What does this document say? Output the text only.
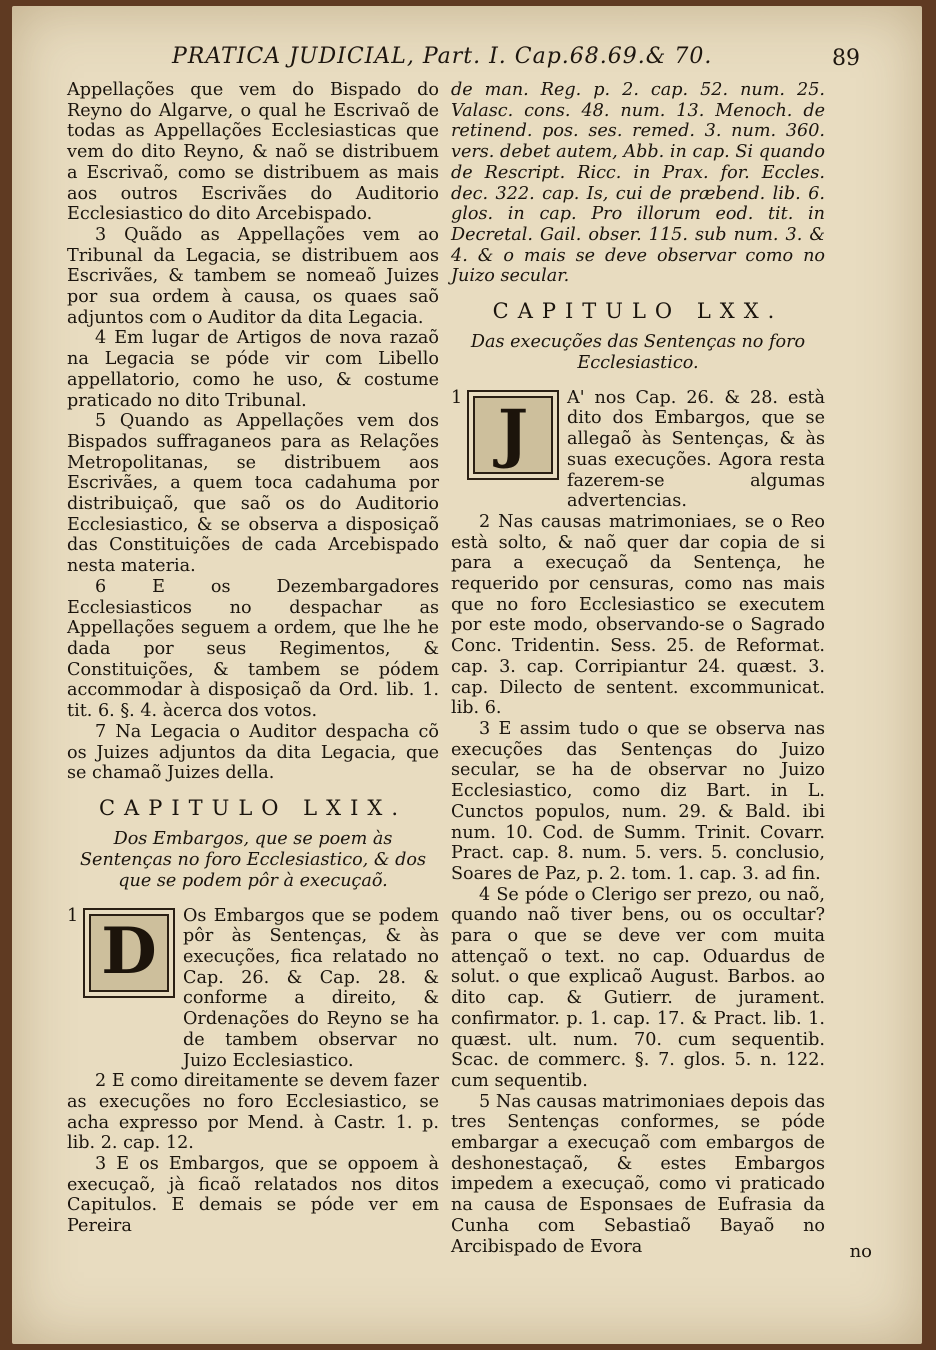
PRATICA JUDICIAL, Part. I. Cap.68.69.& 70.	89

Appellações que vem do Bispado do Reyno do Algarve, o qual he Escrivaõ de todas as Appellações Ecclesiasticas que vem do dito Reyno, & naõ se distribuem a Escrivaõ, como se distribuem as mais aos outros Escrivães do Auditorio Ecclesiastico do dito Arcebispado.

3 Quãdo as Appellações vem ao Tribunal da Legacia, se distribuem aos Escrivães, & tambem se nomeaõ Juizes por sua ordem à causa, os quaes saõ adjuntos com o Auditor da dita Legacia.

4 Em lugar de Artigos de nova razaõ na Legacia se póde vir com Libello appellatorio, como he uso, & costume praticado no dito Tribunal.

5 Quando as Appellações vem dos Bispados suffraganeos para as Relações Metropolitanas, se distribuem aos Escrivães, a quem toca cadahuma por distribuiçaõ, que saõ os do Auditorio Ecclesiastico, & se observa a disposiçaõ das Constituições de cada Arcebispado nesta materia.

6 E os Dezembargadores Ecclesiasticos no despachar as Appellações seguem a ordem, que lhe he dada por seus Regimentos, & Constituições, & tambem se pódem accommodar à disposiçaõ da Ord. lib. 1. tit. 6. §. 4. àcerca dos votos.

7 Na Legacia o Auditor despacha cõ os Juizes adjuntos da dita Legacia, que se chamaõ Juizes della.

CAPITULO LXIX.
Dos Embargos, que se poem às Sentenças no foro Ecclesiastico, & dos que se podem pôr à execuçaõ.
1 D	Os Embargos que se podem pôr às Sentenças, & às execuções, fica relatado no Cap. 26. & Cap. 28. & conforme a direito, & Ordenações do Reyno se ha de tambem observar no Juizo Ecclesiastico.

2 E como direitamente se devem fazer as execuções no foro Ecclesiastico, se acha expresso por Mend. à Castr. 1. p. lib. 2. cap. 12.

3 E os Embargos, que se oppoem à execuçaõ, jà ficaõ relatados nos ditos Capitulos. E demais se póde ver em Pereira

de man. Reg. p. 2. cap. 52. num. 25. Valasc. cons. 48. num. 13. Menoch. de retinend. pos. ses. remed. 3. num. 360. vers. debet autem, Abb. in cap. Si quando de Rescript. Ricc. in Prax. for. Eccles. dec. 322. cap. Is, cui de præbend. lib. 6. glos. in cap. Pro illorum eod. tit. in Decretal. Gail. obser. 115. sub num. 3. & 4. & o mais se deve observar como no Juizo secular.

CAPITULO LXX.
Das execuções das Sentenças no foro Ecclesiastico.
1 J	A' nos Cap. 26. & 28. està dito dos Embargos, que se allegaõ às Sentenças, & às suas execuções. Agora resta fazerem-se algumas advertencias.

2 Nas causas matrimoniaes, se o Reo està solto, & naõ quer dar copia de si para a execuçaõ da Sentença, he requerido por censuras, como nas mais que no foro Ecclesiastico se executem por este modo, observando-se o Sagrado Conc. Tridentin. Sess. 25. de Reformat. cap. 3. cap. Corripiantur 24. quæst. 3. cap. Dilecto de sentent. excommunicat. lib. 6.

3 E assim tudo o que se observa nas execuções das Sentenças do Juizo secular, se ha de observar no Juizo Ecclesiastico, como diz Bart. in L. Cunctos populos, num. 29. & Bald. ibi num. 10. Cod. de Summ. Trinit. Covarr. Pract. cap. 8. num. 5. vers. 5. conclusio, Soares de Paz, p. 2. tom. 1. cap. 3. ad fin.

4 Se póde o Clerigo ser prezo, ou naõ, quando naõ tiver bens, ou os occultar? para o que se deve ver com muita attençaõ o text. no cap. Oduardus de solut. o que explicaõ August. Barbos. ao dito cap. & Gutierr. de jurament. confirmator. p. 1. cap. 17. & Pract. lib. 1. quæst. ult. num. 70. cum sequentib. Scac. de commerc. §. 7. glos. 5. n. 122. cum sequentib.

5 Nas causas matrimoniaes depois das tres Sentenças conformes, se póde embargar a execuçaõ com embargos de deshonestaçaõ, & estes Embargos impedem a execuçaõ, como vi praticado na causa de Esponsaes de Eufrasia da Cunha com Sebastiaõ Bayaõ no Arcibispado de Evora	no
